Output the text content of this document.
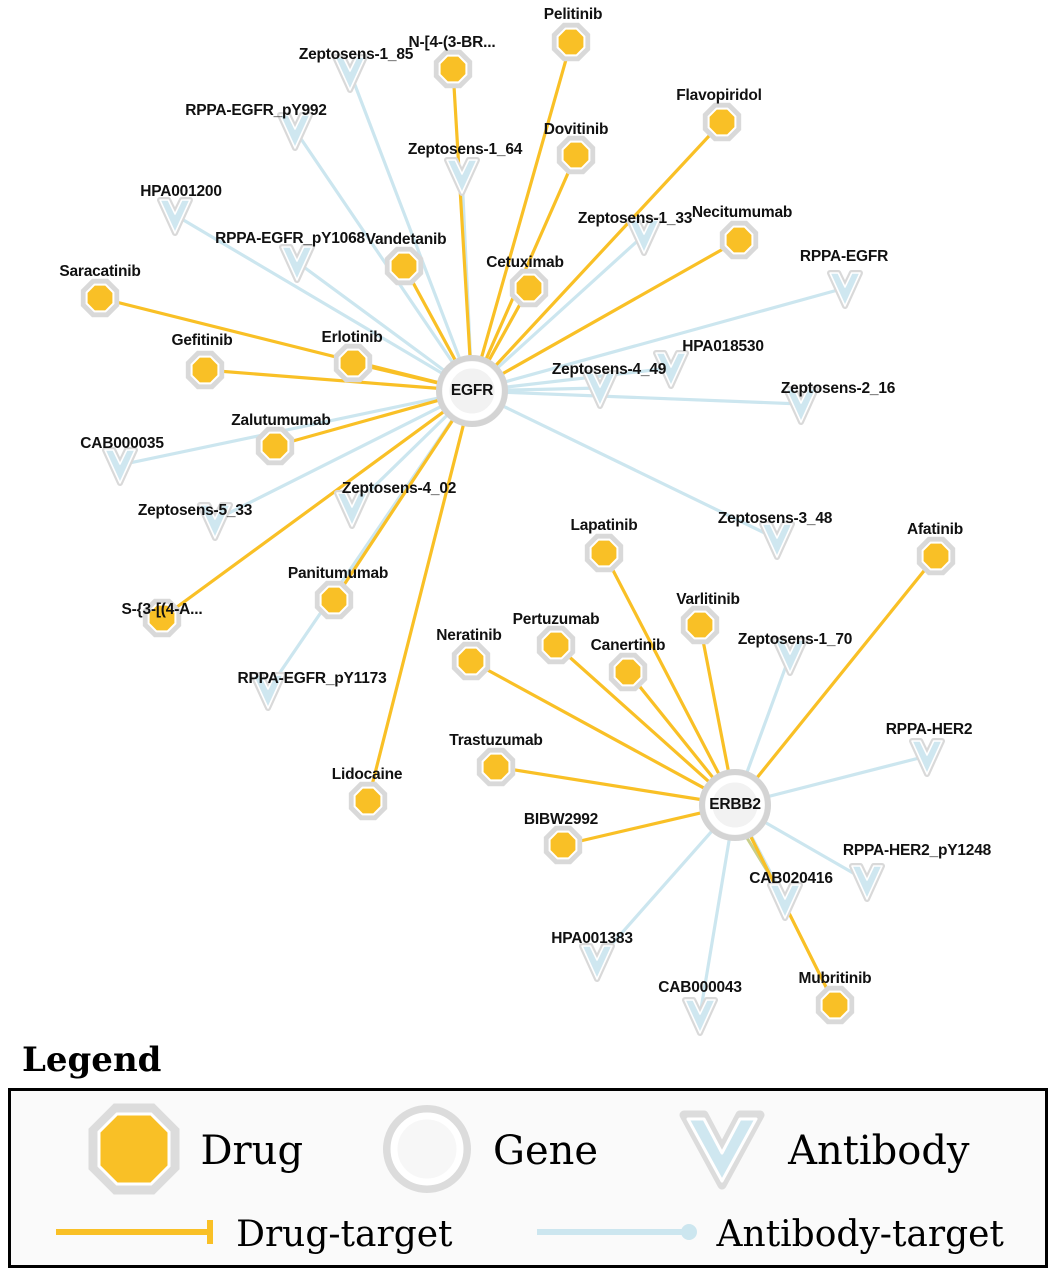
Zeptosens-1_85
RPPA-EGFR_pY992
Zeptosens-1_64
HPA001200
Zeptosens-1_33
RPPA-EGFR_pY1068
RPPA-EGFR
HPA018530
Zeptosens-4_49
Zeptosens-2_16
CAB000035
Zeptosens-5_33
Zeptosens-4_02
Zeptosens-3_48
RPPA-EGFR_pY1173
Zeptosens-1_70
RPPA-HER2
RPPA-HER2_pY1248
CAB020416
HPA001383
CAB000043
Pelitinib
N-[4-(3-BR...
Flavopiridol
Dovitinib
Necitumumab
Vandetanib
Cetuximab
Saracatinib
Erlotinib
Gefitinib
Zalutumumab
Lapatinib	Afatinib
Panitumumab
S-{3-[(4-A...
Varlitinib
Pertuzumab
Neratinib
Canertinib
Trastuzumab
Lidocaine
BIBW2992
Mubritinib
EGFR
ERBB2
Legend
Drug	Gene	Antibody
Drug-target	Antibody-target
